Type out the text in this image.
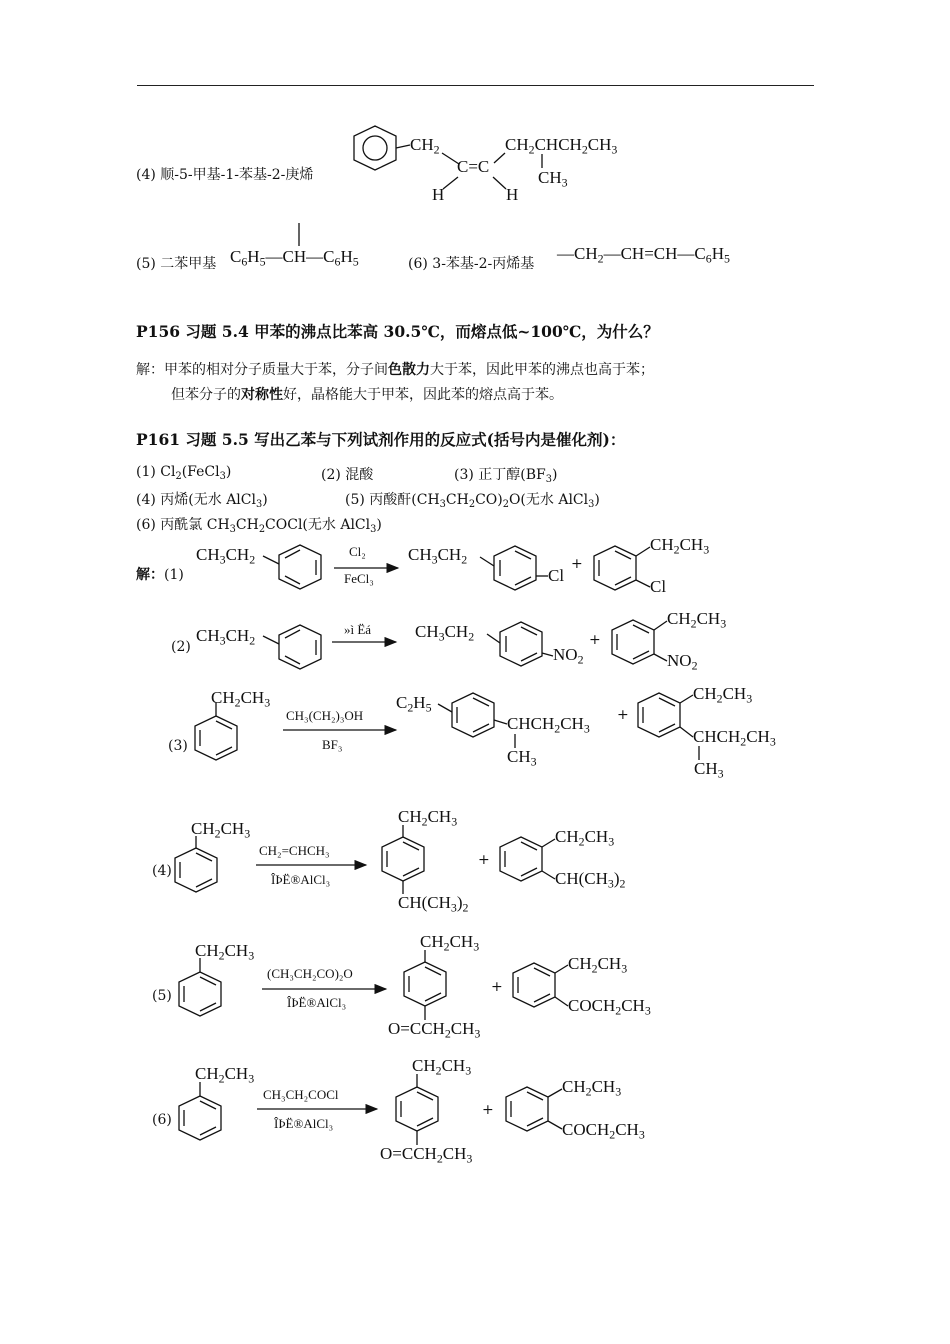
(4) 顺-5-甲基-1-苯基-2-庚烯
(5) 二苯甲基	(6) 3-苯基-2-丙烯基
$CH_2$
C=C
H	H
$CH_2CHCH_2CH_3$
$CH_3$
$C_6H_5—CH—C_6H_5$	$—CH_2—CH=CH—C_6H_5$
P156 习题 5.4 甲苯的沸点比苯高 30.5℃，而熔点低~100℃，为什么？
解：甲苯的相对分子质量大于苯，分子间色散力大于苯，因此甲苯的沸点也高于苯；
但苯分子的对称性好，晶格能大于甲苯，因此苯的熔点高于苯。
P161 习题 5.5 写出乙苯与下列试剂作用的反应式(括号内是催化剂)：
(1) $Cl_2(FeCl_3)$	(2) 混酸	(3) 正丁醇$(BF_3)$
(4) 丙烯(无水 AlCl$_3$)	(5) 丙酸酐$(CH_3CH_2CO)_2O$(无水 AlCl$_3$)
(6) 丙酰氯 $CH_3CH_2COCl$(无水 AlCl$_3$)
解：(1)
(2)
(3)
(4)
(5)
(6)
$CH_3CH_2$
Cl₂
FeCl₃
$CH_3CH_2$
Cl
+
$CH_2CH_3$
Cl
$CH_3CH_2$
»ì Ëá	$CH_3CH_2$
$NO_2$
+
$CH_2CH_3$
$NO_2$
$CH_2CH_3$
CH₃(CH₂)₃OH
BF₃
$C_2H_5$
$CHCH_2CH_3$
$CH_3$
+
$CH_2CH_3$
$CHCH_2CH_3$
$CH_3$
$CH_2CH_3$
CH₂=CHCH₃
ÎÞË®AlCl₃
$CH_2CH_3$
$CH(CH_3)_2$
+
$CH_2CH_3$
$CH(CH_3)_2$
$CH_2CH_3$
(CH₃CH₂CO)₂O
ÎÞË®AlCl₃
$CH_2CH_3$
$O=CCH_2CH_3$
+
$CH_2CH_3$
$COCH_2CH_3$
$CH_2CH_3$
CH₃CH₂COCl
ÎÞË®AlCl₃
$CH_2CH_3$
$O=CCH_2CH_3$
+
$CH_2CH_3$
$COCH_2CH_3$
